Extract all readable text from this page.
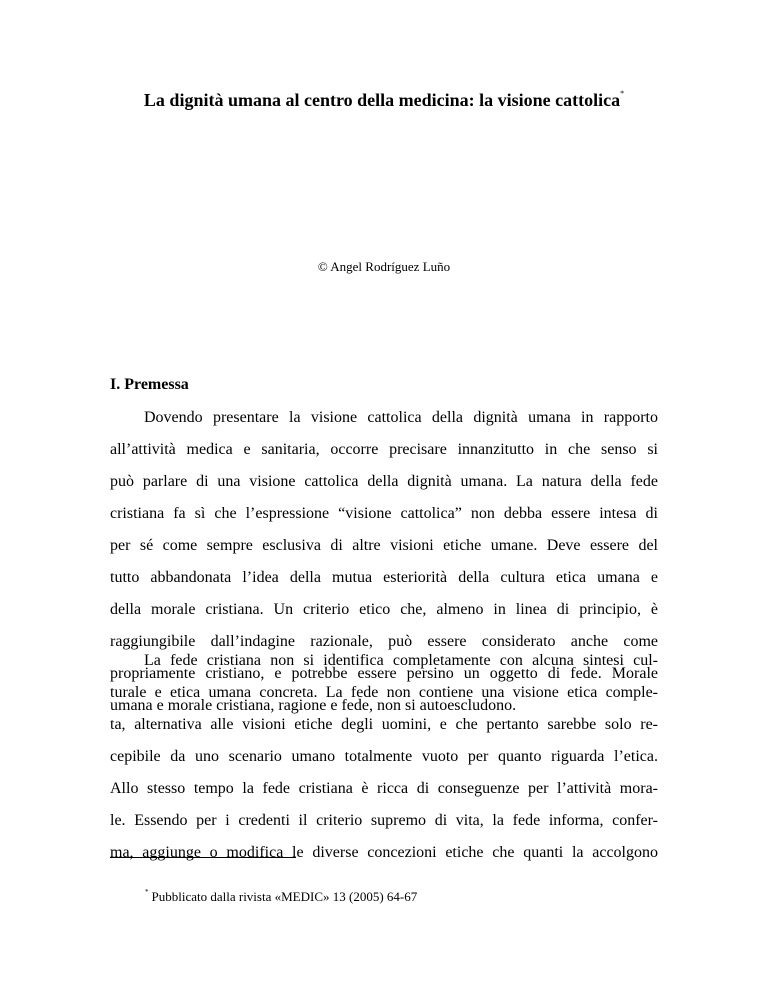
La dignità umana al centro della medicina: la visione cattolica*

© Angel Rodríguez Luño

I. Premessa
Dovendo presentare la visione cattolica della dignità umana in rapporto
all’attività medica e sanitaria, occorre precisare innanzitutto in che senso si
può parlare di una visione cattolica della dignità umana. La natura della fede
cristiana fa sì che l’espressione “visione cattolica” non debba essere intesa di
per sé come sempre esclusiva di altre visioni etiche umane. Deve essere del
tutto abbandonata l’idea della mutua esteriorità della cultura etica umana e
della morale cristiana. Un criterio etico che, almeno in linea di principio, è
raggiungibile dall’indagine razionale, può essere considerato anche come
propriamente cristiano, e potrebbe essere persino un oggetto di fede. Morale
umana e morale cristiana, ragione e fede, non si autoescludono.
La fede cristiana non si identifica completamente con alcuna sintesi cul-
turale e etica umana concreta. La fede non contiene una visione etica comple-
ta, alternativa alle visioni etiche degli uomini, e che pertanto sarebbe solo re-
cepibile da uno scenario umano totalmente vuoto per quanto riguarda l’etica.
Allo stesso tempo la fede cristiana è ricca di conseguenze per l’attività mora-
le. Essendo per i credenti il criterio supremo di vita, la fede informa, confer-
ma, aggiunge o modifica le diverse concezioni etiche che quanti la accolgono

* Pubblicato dalla rivista «MEDIC» 13 (2005) 64-67
